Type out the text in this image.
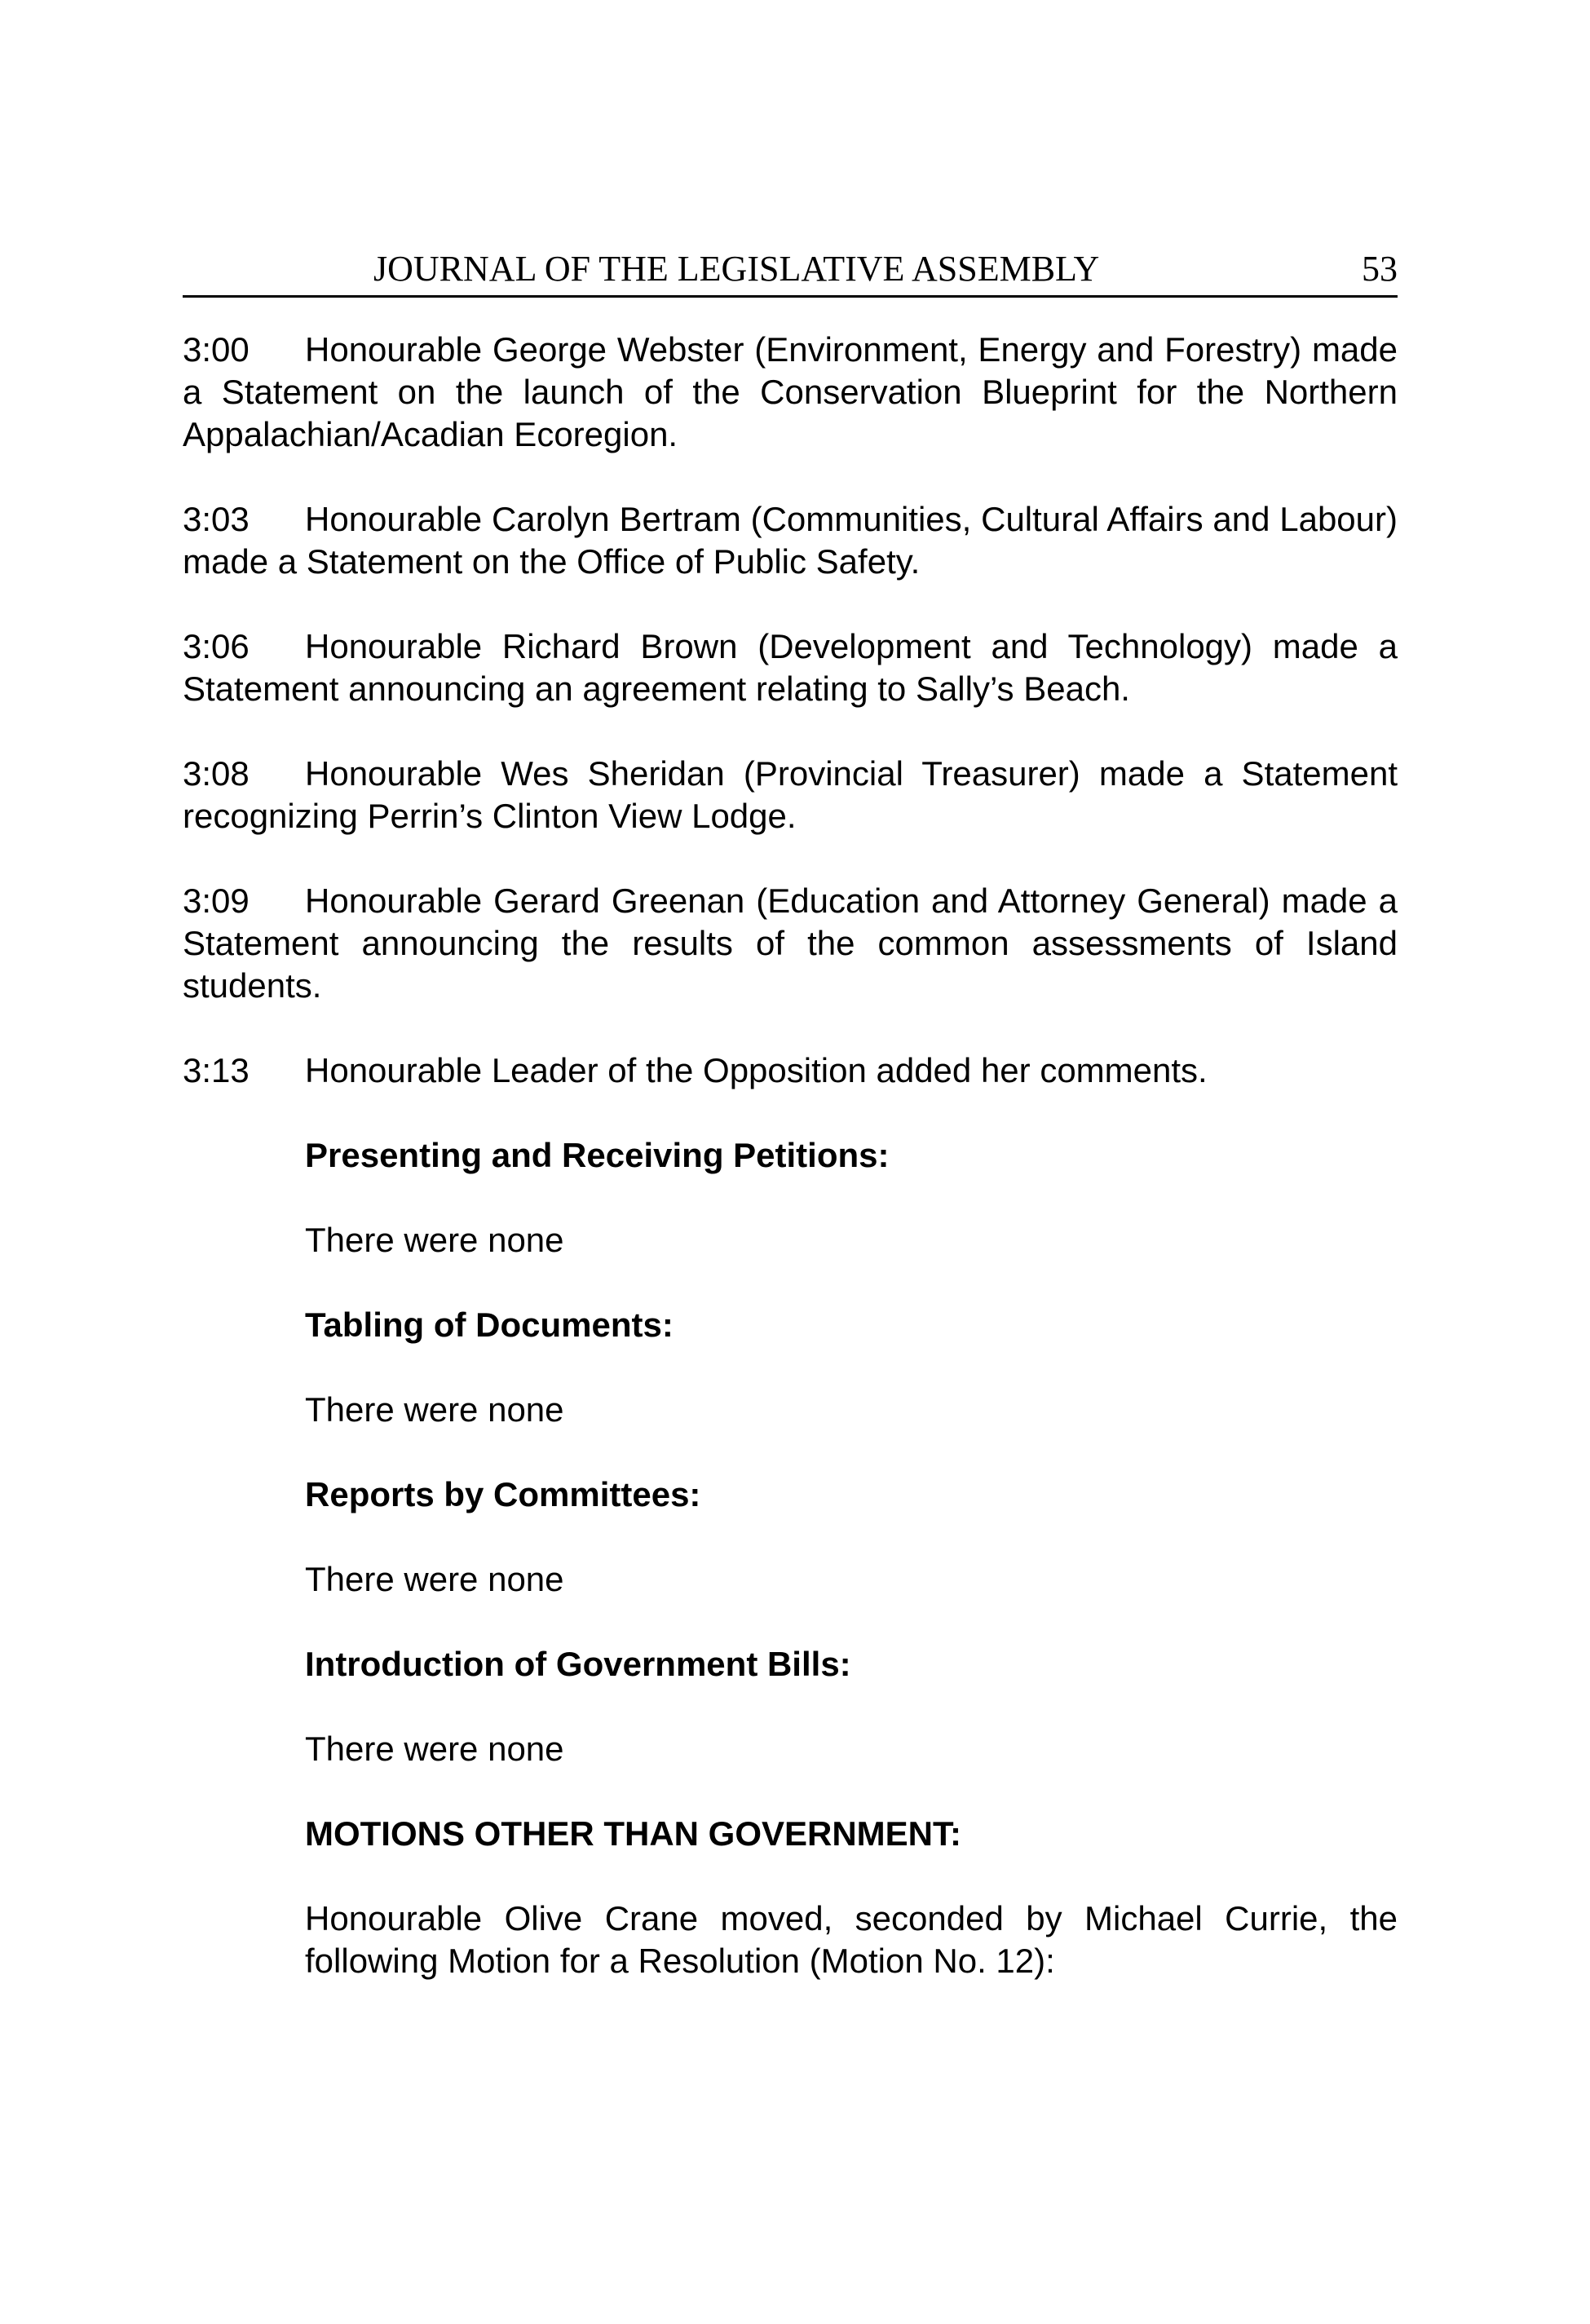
JOURNAL OF THE LEGISLATIVE ASSEMBLY	53

3:00 Honourable George Webster (Environment, Energy and Forestry) made a Statement on the launch of the Conservation Blueprint for the Northern Appalachian/Acadian Ecoregion.

3:03 Honourable Carolyn Bertram (Communities, Cultural Affairs and Labour) made a Statement on the Office of Public Safety.

3:06 Honourable Richard Brown (Development and Technology) made a Statement announcing an agreement relating to Sally’s Beach.

3:08 Honourable Wes Sheridan (Provincial Treasurer) made a Statement recognizing Perrin’s Clinton View Lodge.

3:09 Honourable Gerard Greenan (Education and Attorney General) made a Statement announcing the results of the common assessments of Island students.

3:13 Honourable Leader of the Opposition added her comments.

Presenting and Receiving Petitions:

There were none

Tabling of Documents:

There were none

Reports by Committees:

There were none

Introduction of Government Bills:

There were none

MOTIONS OTHER THAN GOVERNMENT:

Honourable Olive Crane moved, seconded by Michael Currie, the following Motion for a Resolution (Motion No. 12):
